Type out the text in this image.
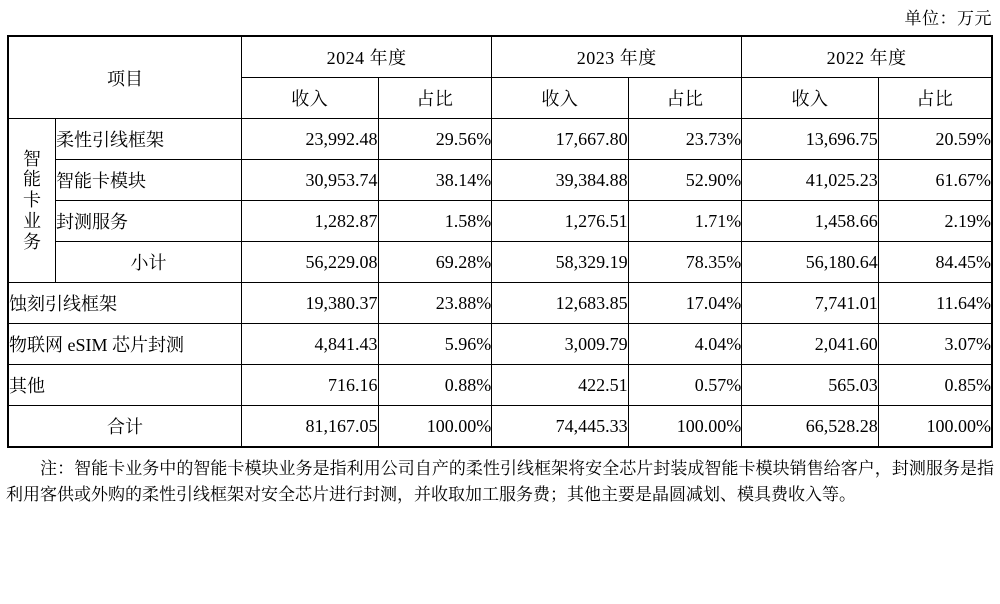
单位：万元
项目		2024 年度		2023 年度		2022 年度	
		收入	占比	收入	占比	收入	占比

智能卡业务	柔性引线框架	23,992.48	29.56%	17,667.80	23.73%	13,696.75	20.59%
	智能卡模块	30,953.74	38.14%	39,384.88	52.90%	41,025.23	61.67%
	封测服务	1,282.87	1.58%	1,276.51	1.71%	1,458.66	2.19%
	小计	56,229.08	69.28%	58,329.19	78.35%	56,180.64	84.45%
蚀刻引线框架		19,380.37	23.88%	12,683.85	17.04%	7,741.01	11.64%
物联网 eSIM 芯片封测		4,841.43	5.96%	3,009.79	4.04%	2,041.60	3.07%
其他		716.16	0.88%	422.51	0.57%	565.03	0.85%
合计		81,167.05	100.00%	74,445.33	100.00%	66,528.28	100.00%
注：智能卡业务中的智能卡模块业务是指利用公司自产的柔性引线框架将安全芯片封装成智能卡模块销售给客户，封测服务是指利用客供或外购的柔性引线框架对安全芯片进行封测，并收取加工服务费；其他主要是晶圆减划、模具费收入等。
